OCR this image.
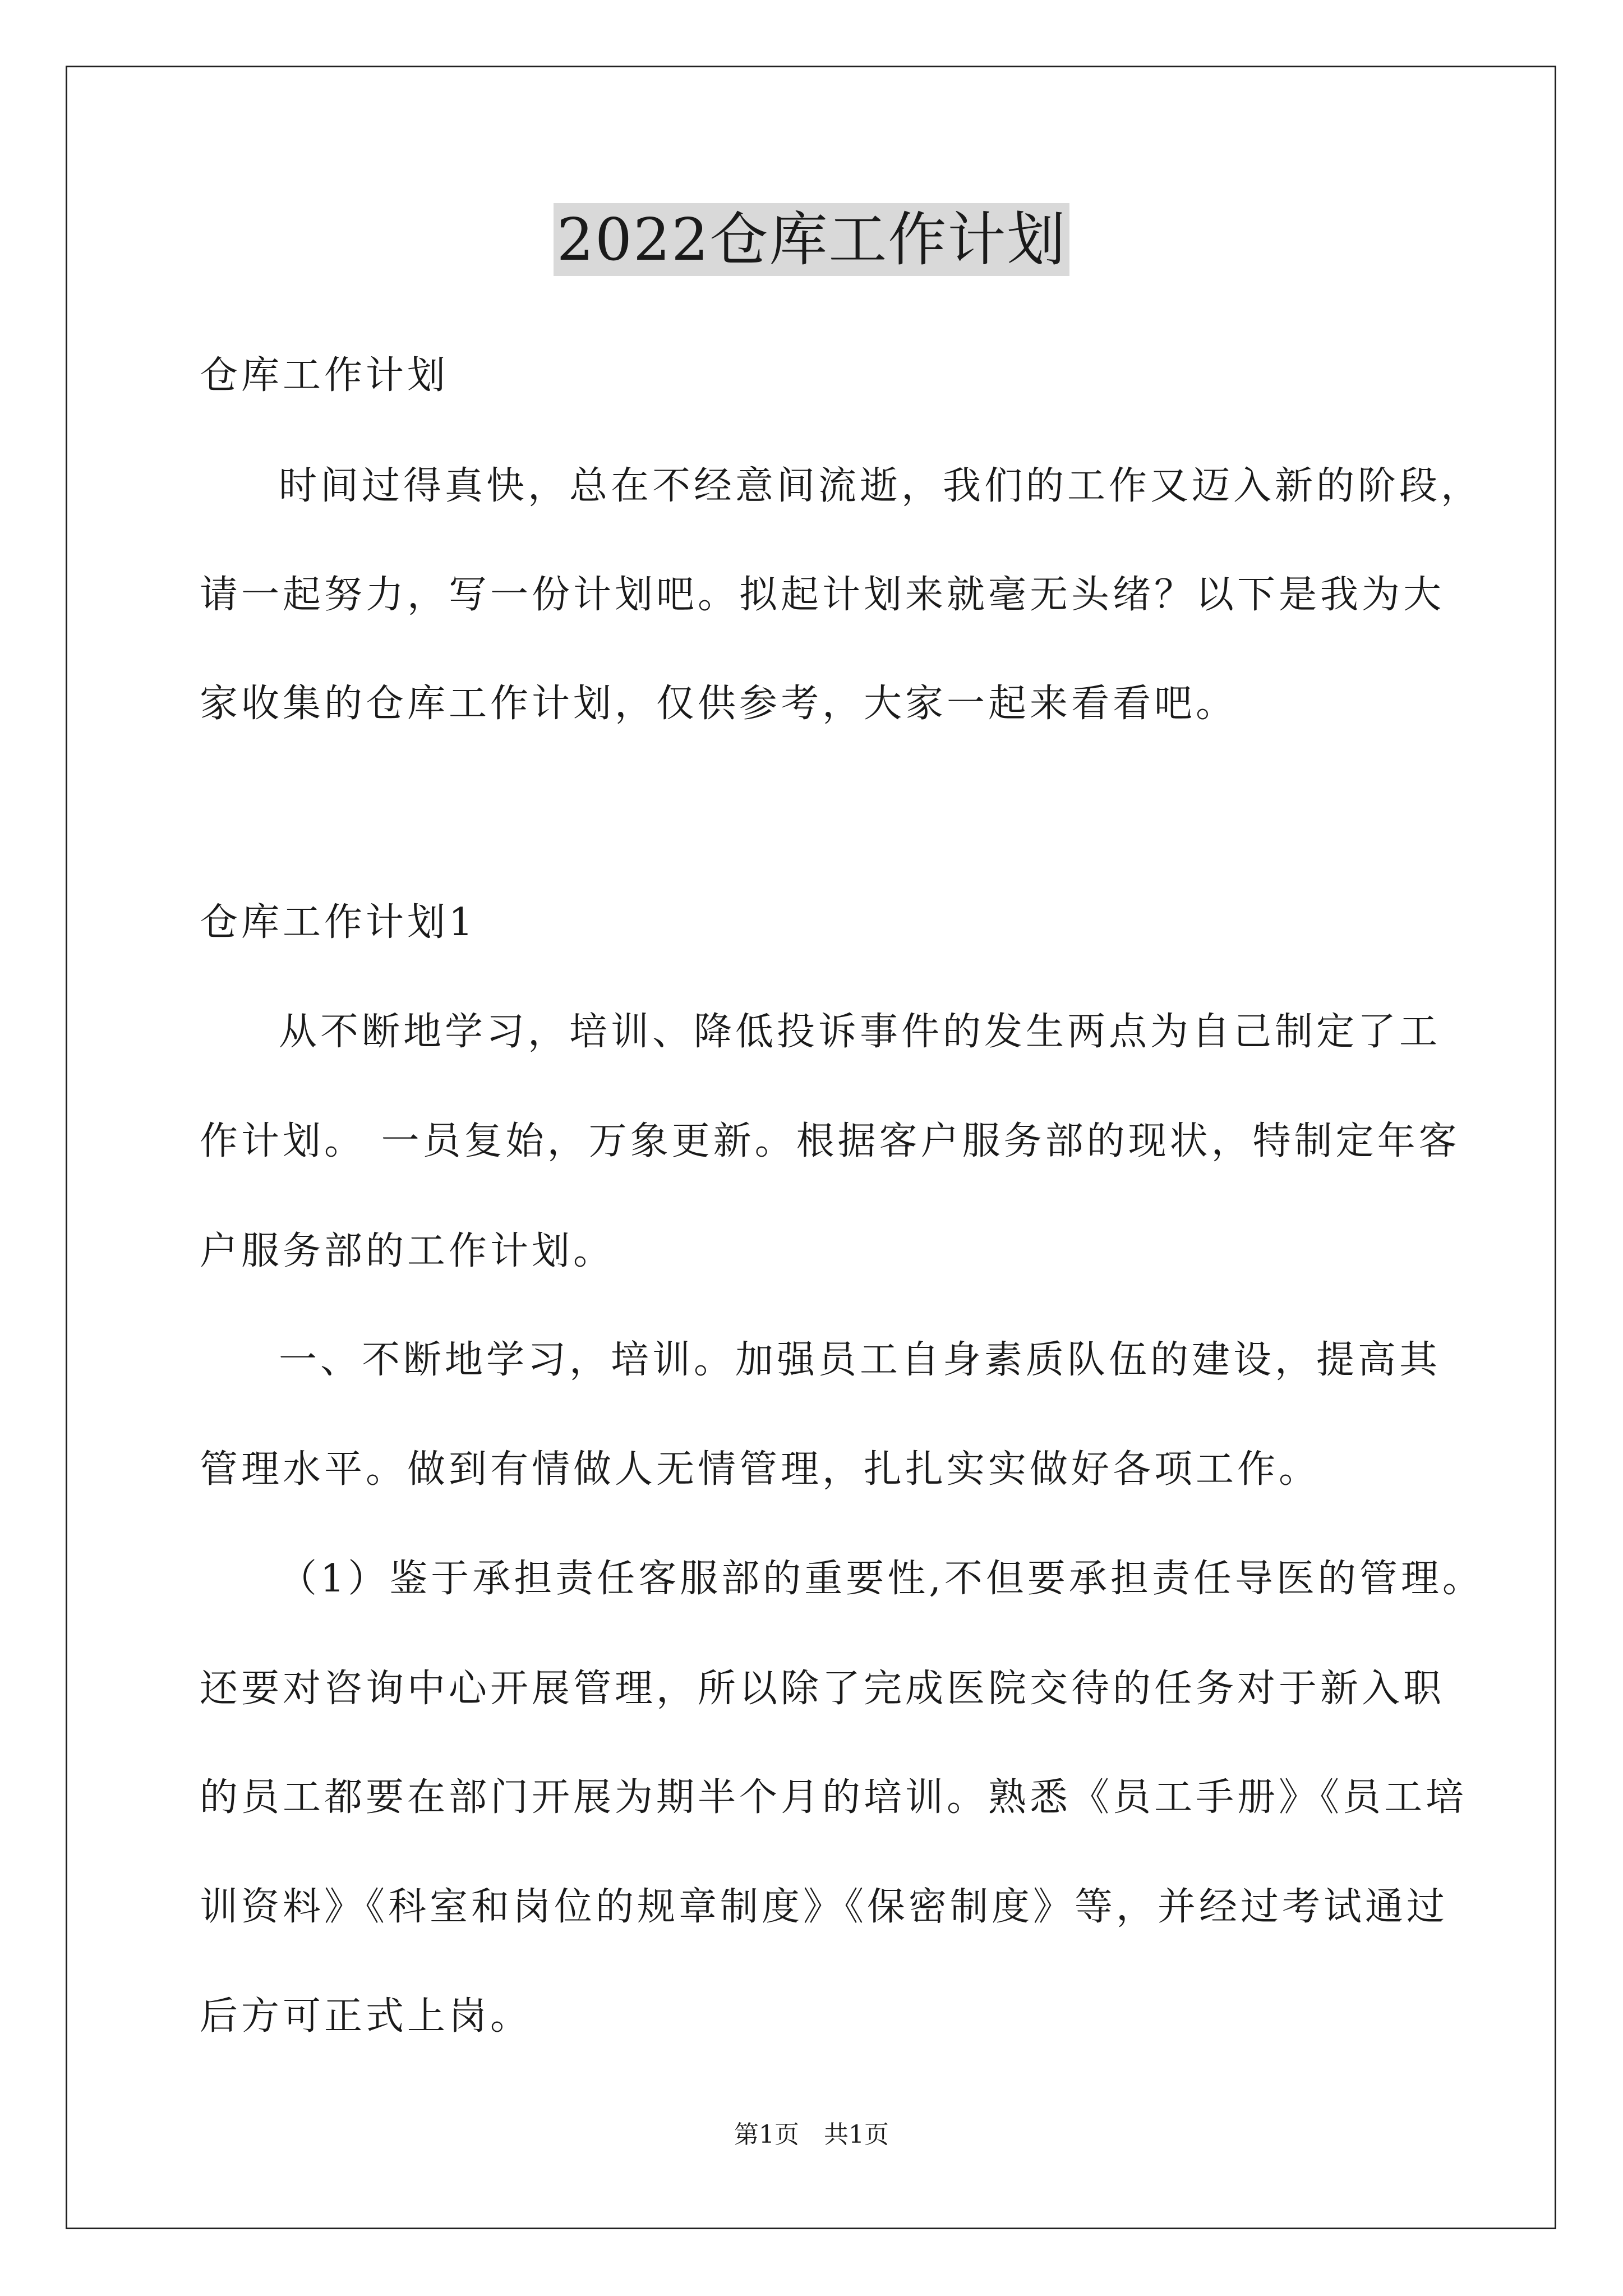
2022仓库工作计划
仓库工作计划
时间过得真快，总在不经意间流逝，我们的工作又迈入新的阶段，
请一起努力，写一份计划吧。拟起计划来就毫无头绪？以下是我为大
家收集的仓库工作计划，仅供参考，大家一起来看看吧。
仓库工作计划1
从不断地学习，培训、降低投诉事件的发生两点为自己制定了工
作计划。 一员复始，万象更新。根据客户服务部的现状，特制定年客
户服务部的工作计划。
一、不断地学习，培训。加强员工自身素质队伍的建设，提高其
管理水平。做到有情做人无情管理，扎扎实实做好各项工作。
（1）鉴于承担责任客服部的重要性,不但要承担责任导医的管理。
还要对咨询中心开展管理，所以除了完成医院交待的任务对于新入职
的员工都要在部门开展为期半个月的培训。熟悉《员工手册》《员工培
训资料》《科室和岗位的规章制度》《保密制度》等，并经过考试通过
后方可正式上岗。
第1页　共1页
